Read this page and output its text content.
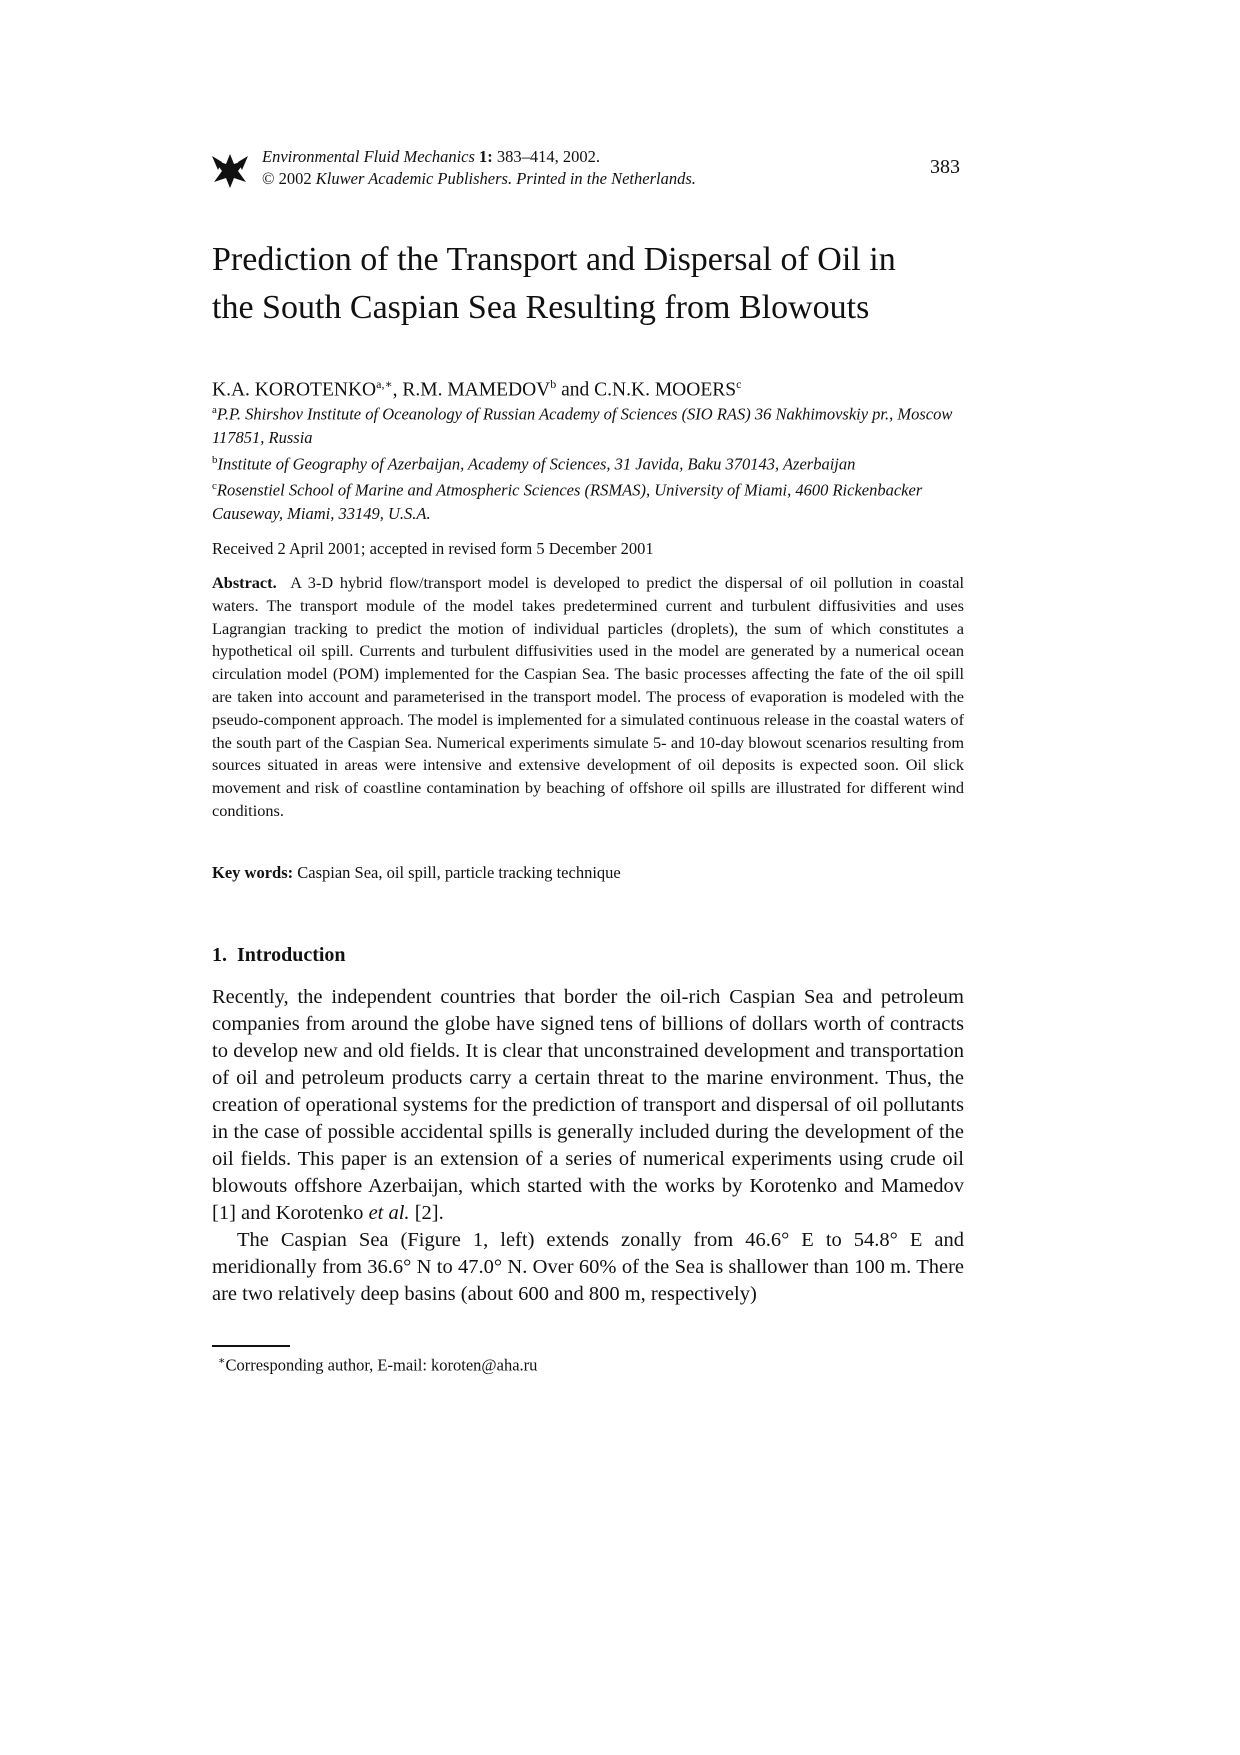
Environmental Fluid Mechanics 1: 383–414, 2002.
© 2002 Kluwer Academic Publishers. Printed in the Netherlands.
383
Prediction of the Transport and Dispersal of Oil in
the South Caspian Sea Resulting from Blowouts
K.A. $KOROTENKO^{a,∗}$, R.M. MAMEDOV$^b$ and C.N.K. MOOERS$^c$
$^a$P.P. Shirshov Institute of Oceanology of Russian Academy of Sciences (SIO RAS) 36 Nakhimovskiy pr., Moscow 117851, Russia
$^b$Institute of Geography of Azerbaijan, Academy of Sciences, 31 Javida, Baku 370143, Azerbaijan
$^c$Rosenstiel School of Marine and Atmospheric Sciences (RSMAS), University of Miami, 4600 Rickenbacker Causeway, Miami, 33149, U.S.A.
Received 2 April 2001; accepted in revised form 5 December 2001

Abstract. A 3-D hybrid flow/transport model is developed to predict the dispersal of oil pollution in coastal waters. The transport module of the model takes predetermined current and turbulent diffusivities and uses Lagrangian tracking to predict the motion of individual particles (droplets), the sum of which constitutes a hypothetical oil spill. Currents and turbulent diffusivities used in the model are generated by a numerical ocean circulation model (POM) implemented for the Caspian Sea. The basic processes affecting the fate of the oil spill are taken into account and parameterised in the transport model. The process of evaporation is modeled with the pseudo-component approach. The model is implemented for a simulated continuous release in the coastal waters of the south part of the Caspian Sea. Numerical experiments simulate 5- and 10-day blowout scenarios resulting from sources situated in areas were intensive and extensive development of oil deposits is expected soon. Oil slick movement and risk of coastline contamination by beaching of offshore oil spills are illustrated for different wind conditions.

Key words: Caspian Sea, oil spill, particle tracking technique
1. Introduction

Recently, the independent countries that border the oil-rich Caspian Sea and petroleum companies from around the globe have signed tens of billions of dollars worth of contracts to develop new and old fields. It is clear that unconstrained development and transportation of oil and petroleum products carry a certain threat to the marine environment. Thus, the creation of operational systems for the prediction of transport and dispersal of oil pollutants in the case of possible accidental spills is generally included during the development of the oil fields. This paper is an extension of a series of numerical experiments using crude oil blowouts offshore Azerbaijan, which started with the works by Korotenko and Mamedov [1] and Korotenko et al. [2].

The Caspian Sea (Figure 1, left) extends zonally from 46.6° E to 54.8° E and meridionally from 36.6° N to 47.0° N. Over 60% of the Sea is shallower than 100 m. There are two relatively deep basins (about 600 and 800 m, respectively)

∗Corresponding author, E-mail: koroten@aha.ru
